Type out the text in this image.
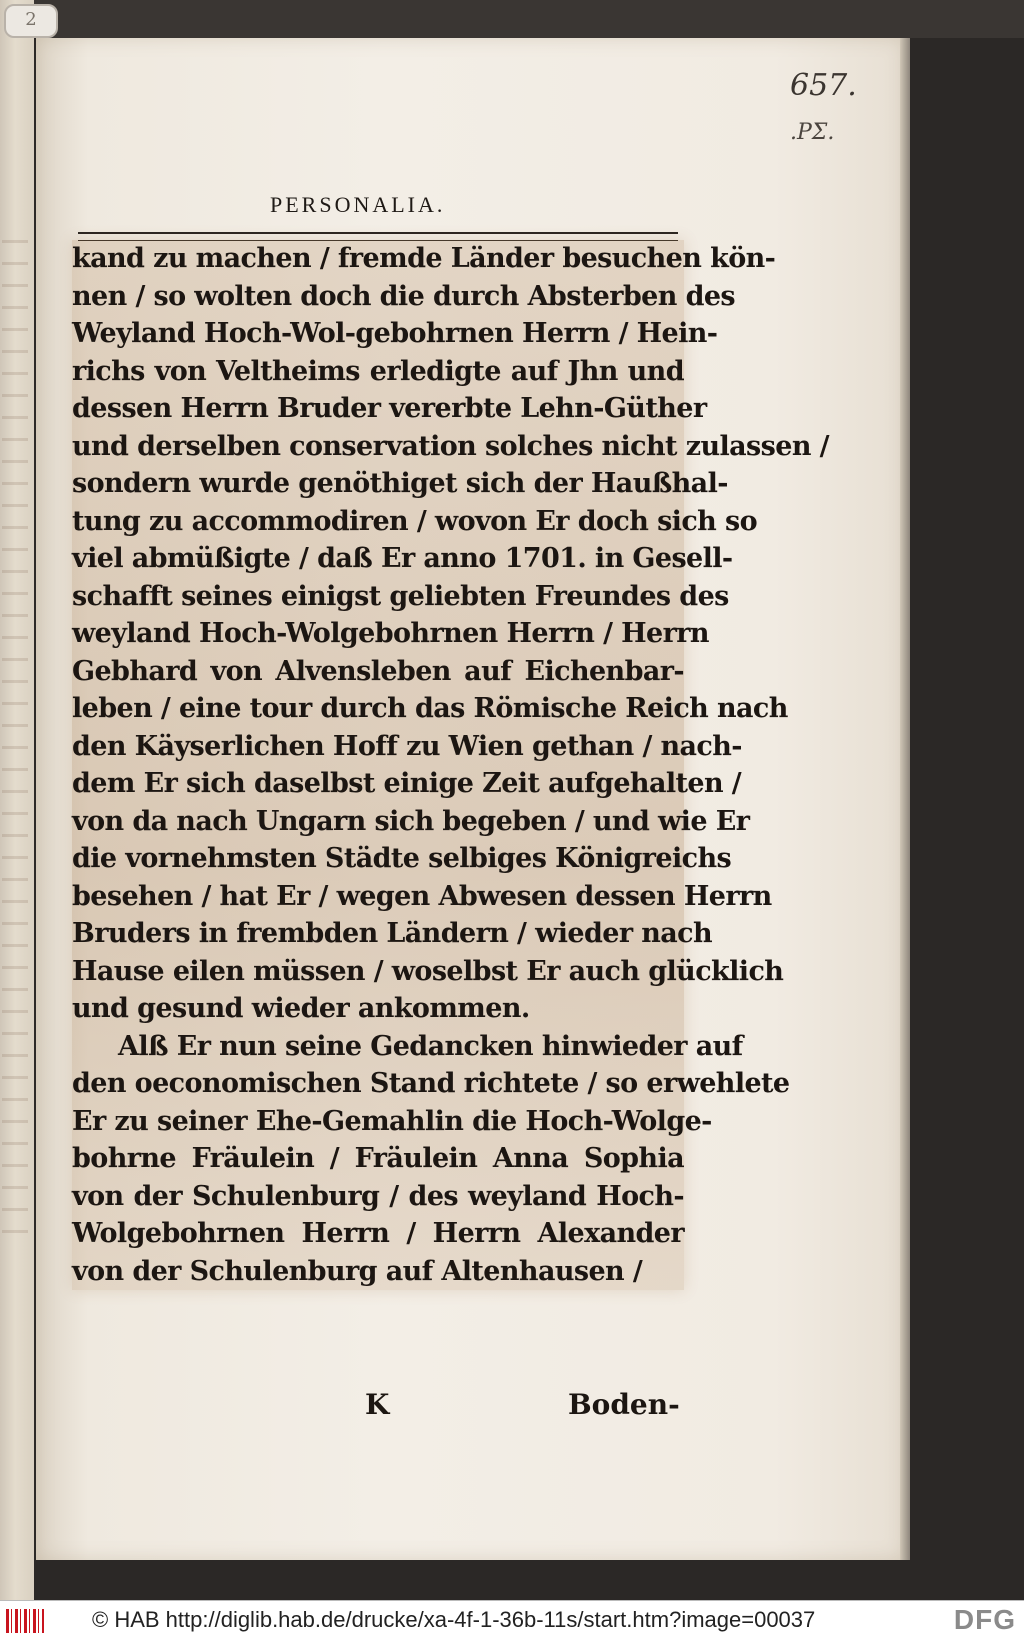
2
657.
.ΡΣ.
PERSONALIA.
kand zu machen / fremde Länder besuchen kön-
nen / so wolten doch die durch Absterben des
Weyland Hoch-Wol-gebohrnen Herrn / Hein-
richs von Veltheims erledigte auf Jhn und
dessen Herrn Bruder vererbte Lehn-Güther
und derselben conservation solches nicht zulassen /
sondern wurde genöthiget sich der Haußhal-
tung zu accommodiren / wovon Er doch sich so
viel abmüßigte / daß Er anno 1701. in Gesell-
schafft seines einigst geliebten Freundes des
weyland Hoch-Wolgebohrnen Herrn / Herrn
Gebhard von Alvensleben auf Eichenbar-
leben / eine tour durch das Römische Reich nach
den Käyserlichen Hoff zu Wien gethan / nach-
dem Er sich daselbst einige Zeit aufgehalten /
von da nach Ungarn sich begeben / und wie Er
die vornehmsten Städte selbiges Königreichs
besehen / hat Er / wegen Abwesen dessen Herrn
Bruders in frembden Ländern / wieder nach
Hause eilen müssen / woselbst Er auch glücklich
und gesund wieder ankommen.
Alß Er nun seine Gedancken hinwieder auf
den oeconomischen Stand richtete / so erwehlete
Er zu seiner Ehe-Gemahlin die Hoch-Wolge-
bohrne Fräulein / Fräulein Anna Sophia
von der Schulenburg / des weyland Hoch-
Wolgebohrnen Herrn / Herrn Alexander
von der Schulenburg auf Altenhausen /
K	Boden-
© HAB http://diglib.hab.de/drucke/xa-4f-1-36b-11s/start.htm?image=00037	DFG
